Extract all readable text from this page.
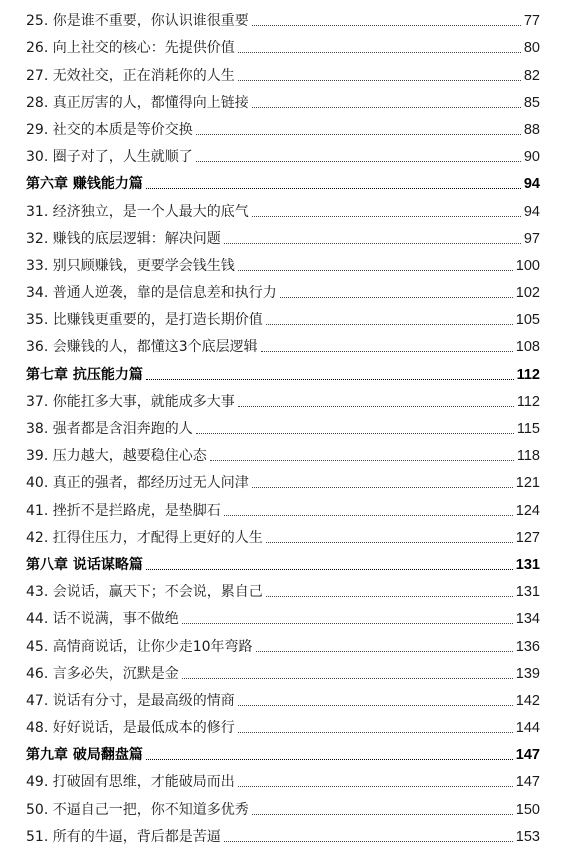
25. 你是谁不重要，你认识谁很重要	77
26. 向上社交的核心：先提供价值	80
27. 无效社交，正在消耗你的人生	82
28. 真正厉害的人，都懂得向上链接	85
29. 社交的本质是等价交换	88
30. 圈子对了，人生就顺了	90
第六章 赚钱能力篇	94
31. 经济独立，是一个人最大的底气	94
32. 赚钱的底层逻辑：解决问题	97
33. 别只顾赚钱，更要学会钱生钱	100
34. 普通人逆袭，靠的是信息差和执行力	102
35. 比赚钱更重要的，是打造长期价值	105
36. 会赚钱的人，都懂这3个底层逻辑	108
第七章 抗压能力篇	112
37. 你能扛多大事，就能成多大事	112
38. 强者都是含泪奔跑的人	115
39. 压力越大，越要稳住心态	118
40. 真正的强者，都经历过无人问津	121
41. 挫折不是拦路虎，是垫脚石	124
42. 扛得住压力，才配得上更好的人生	127
第八章 说话谋略篇	131
43. 会说话，赢天下；不会说，累自己	131
44. 话不说满，事不做绝	134
45. 高情商说话，让你少走10年弯路	136
46. 言多必失，沉默是金	139
47. 说话有分寸，是最高级的情商	142
48. 好好说话，是最低成本的修行	144
第九章 破局翻盘篇	147
49. 打破固有思维，才能破局而出	147
50. 不逼自己一把，你不知道多优秀	150
51. 所有的牛逼，背后都是苦逼	153
